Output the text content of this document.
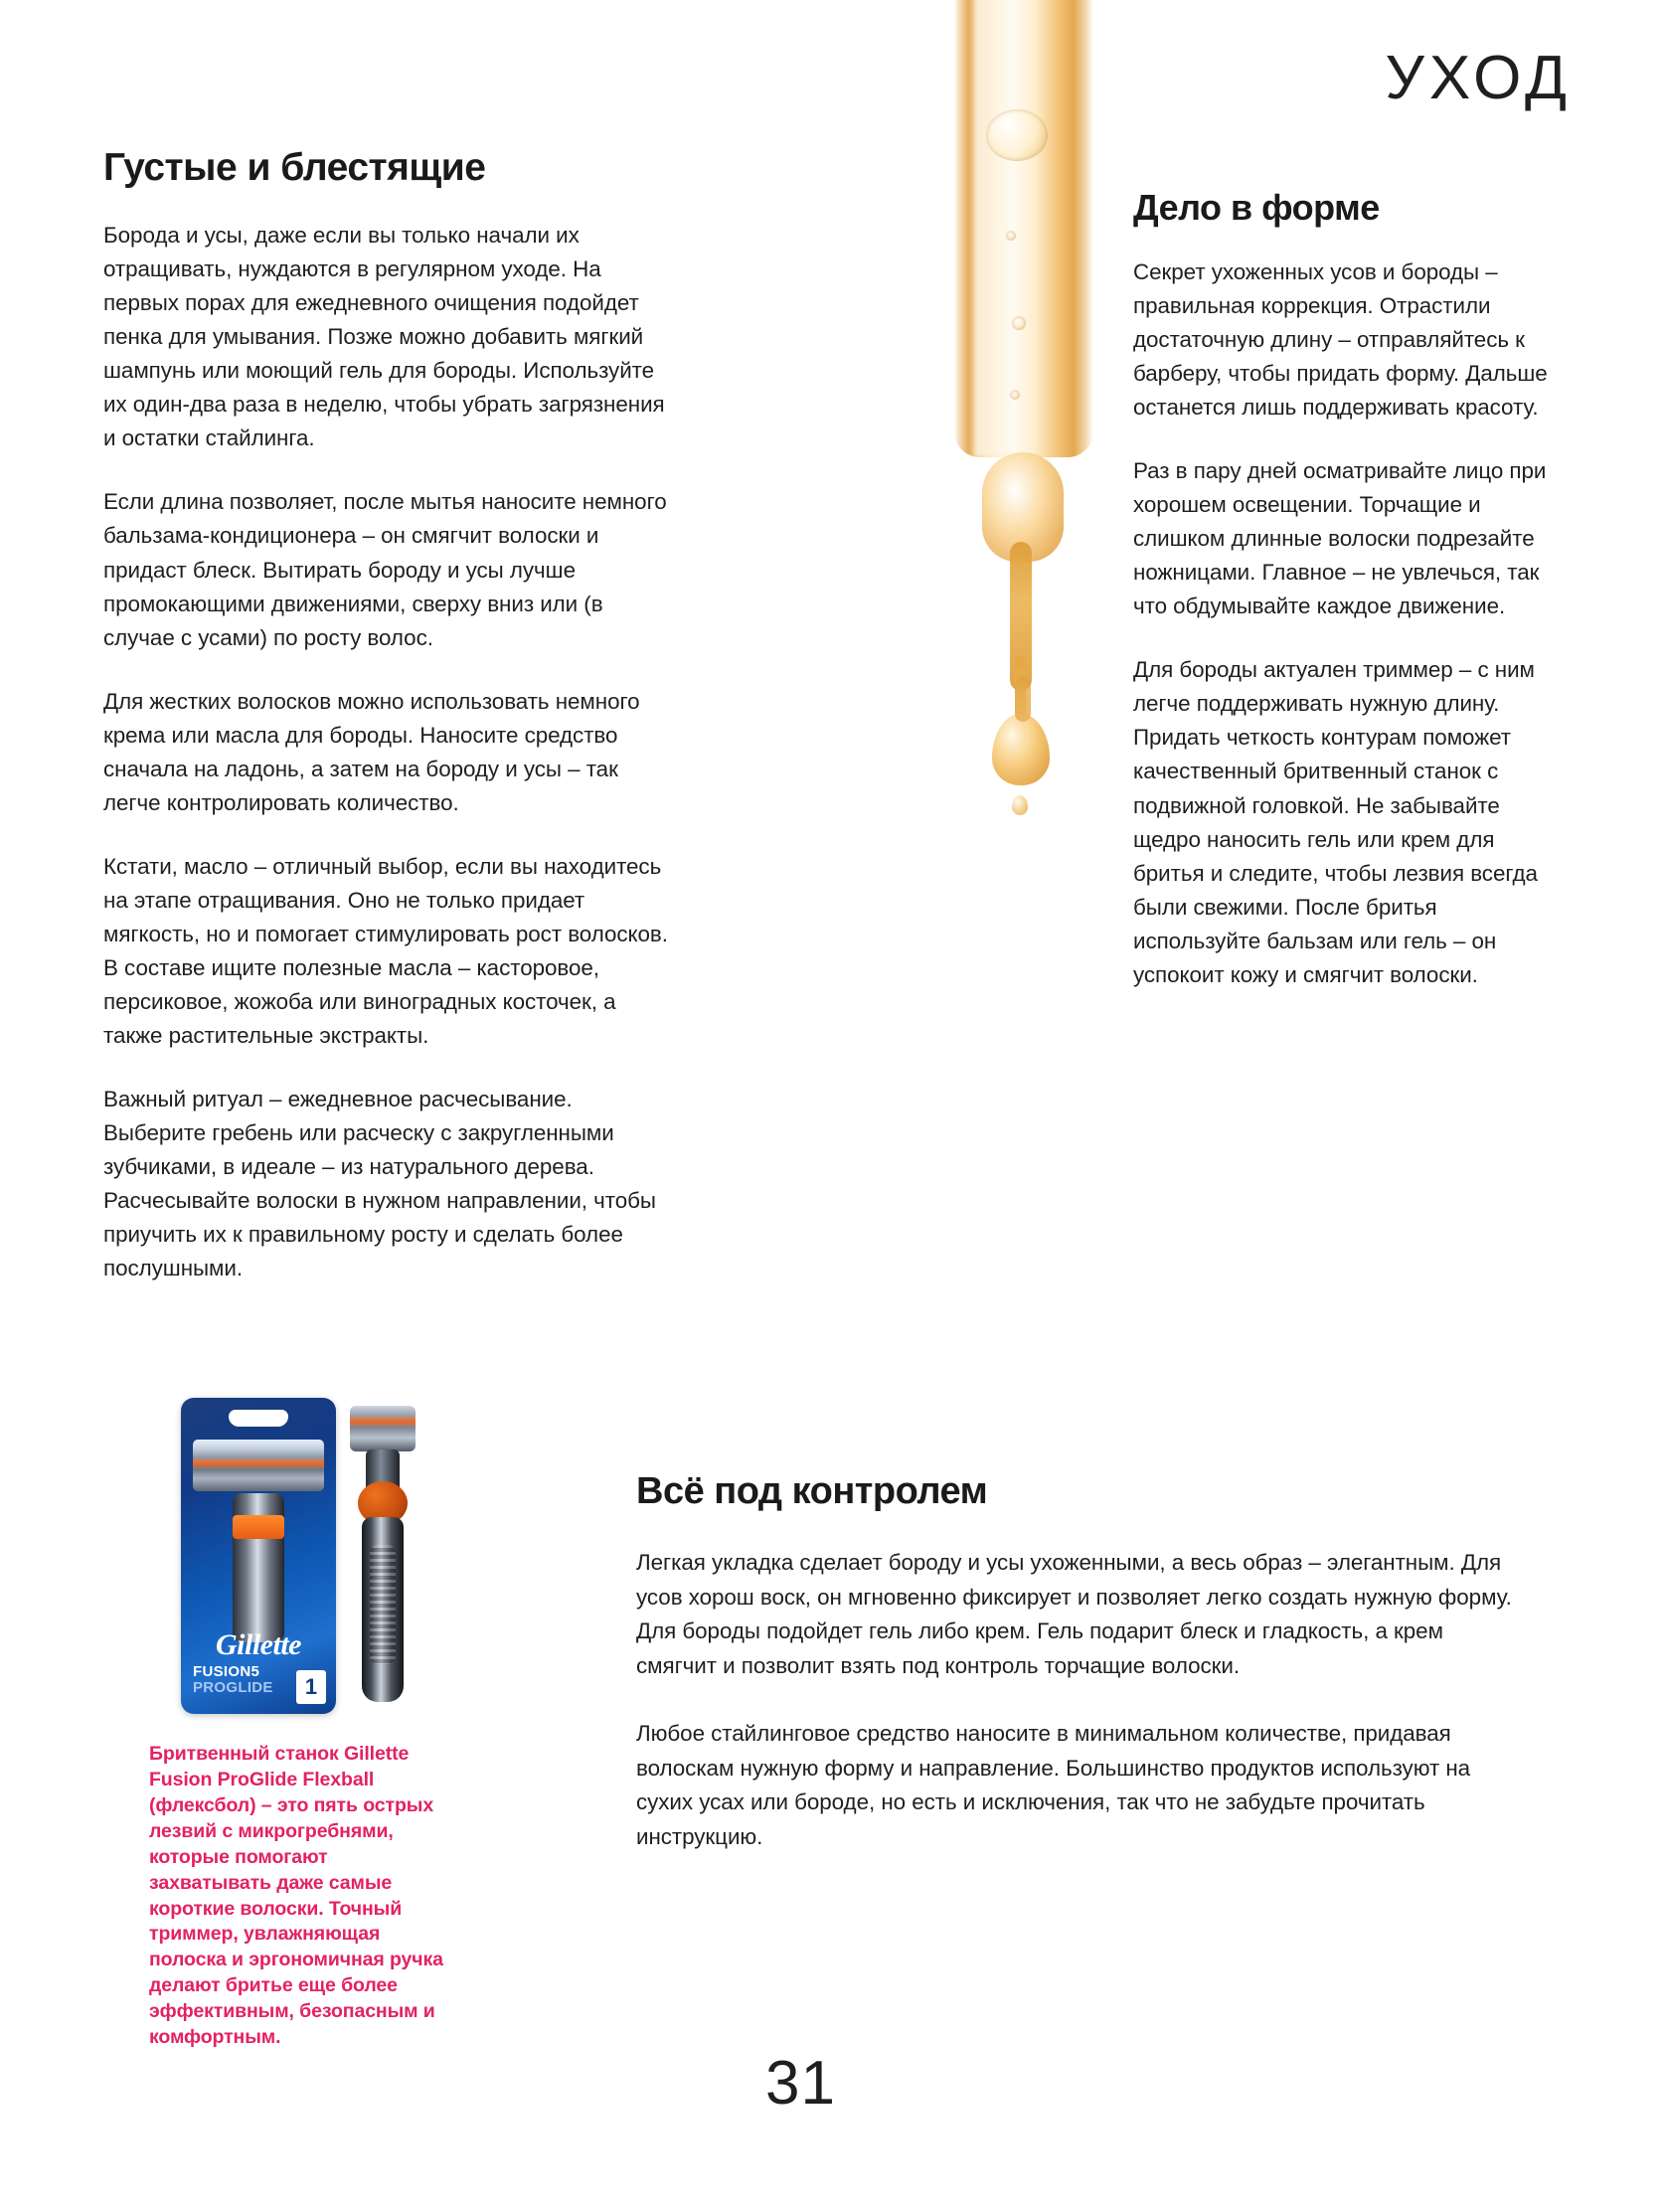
УХОД
Густые и блестящие

Борода и усы, даже если вы только начали их отращивать, нуждаются в регулярном уходе. На первых порах для ежедневного очищения подойдет пенка для умывания. Позже можно добавить мягкий шампунь или моющий гель для бороды. Используйте их один-два раза в неделю, чтобы убрать загрязнения и остатки стайлинга.

Если длина позволяет, после мытья наносите немного бальзама-кондиционера – он смягчит волоски и придаст блеск. Вытирать бороду и усы лучше промокающими движениями, сверху вниз или (в случае с усами) по росту волос.

Для жестких волосков можно использовать немного крема или масла для бороды. Наносите средство сначала на ладонь, а затем на бороду и усы – так легче контролировать количество.

Кстати, масло – отличный выбор, если вы находитесь на этапе отращивания. Оно не только придает мягкость, но и помогает стимулировать рост волосков. В составе ищите полезные масла – касторовое, персиковое, жожоба или виноградных косточек, а также растительные экстракты.

Важный ритуал – ежедневное расчесывание. Выберите гребень или расческу с закругленными зубчиками, в идеале – из натурального дерева. Расчесывайте волоски в нужном направлении, чтобы приучить их к правильному росту и сделать более послушными.

Дело в форме

Секрет ухоженных усов и бороды – правильная коррекция. Отрастили достаточную длину – отправляйтесь к барберу, чтобы придать форму. Дальше останется лишь поддерживать красоту.

Раз в пару дней осматривайте лицо при хорошем освещении. Торчащие и слишком длинные волоски подрезайте ножницами. Главное – не увлечься, так что обдумывайте каждое движение.

Для бороды актуален триммер – с ним легче поддерживать нужную длину. Придать четкость контурам поможет качественный бритвенный станок с подвижной головкой. Не забывайте щедро наносить гель или крем для бритья и следите, чтобы лезвия всегда были свежими. После бритья используйте бальзам или гель – он успокоит кожу и смягчит волоски.

Gillette
FUSION5
PROGLIDE	1
Бритвенный станок Gillette Fusion ProGlide Flexball (флексбол) – это пять острых лезвий с микрогребнями, которые помогают захватывать даже самые короткие волоски. Точный триммер, увлажняющая полоска и эргономичная ручка делают бритье еще более эффективным, безопасным и комфортным.
Всё под контролем

Легкая укладка сделает бороду и усы ухоженными, а весь образ – элегантным. Для усов хорош воск, он мгновенно фиксирует и позволяет легко создать нужную форму. Для бороды подойдет гель либо крем. Гель подарит блеск и гладкость, а крем смягчит и позволит взять под контроль торчащие волоски.

Любое стайлинговое средство наносите в минимальном количестве, придавая волоскам нужную форму и направление. Большинство продуктов используют на сухих усах или бороде, но есть и исключения, так что не забудьте прочитать инструкцию.

31
